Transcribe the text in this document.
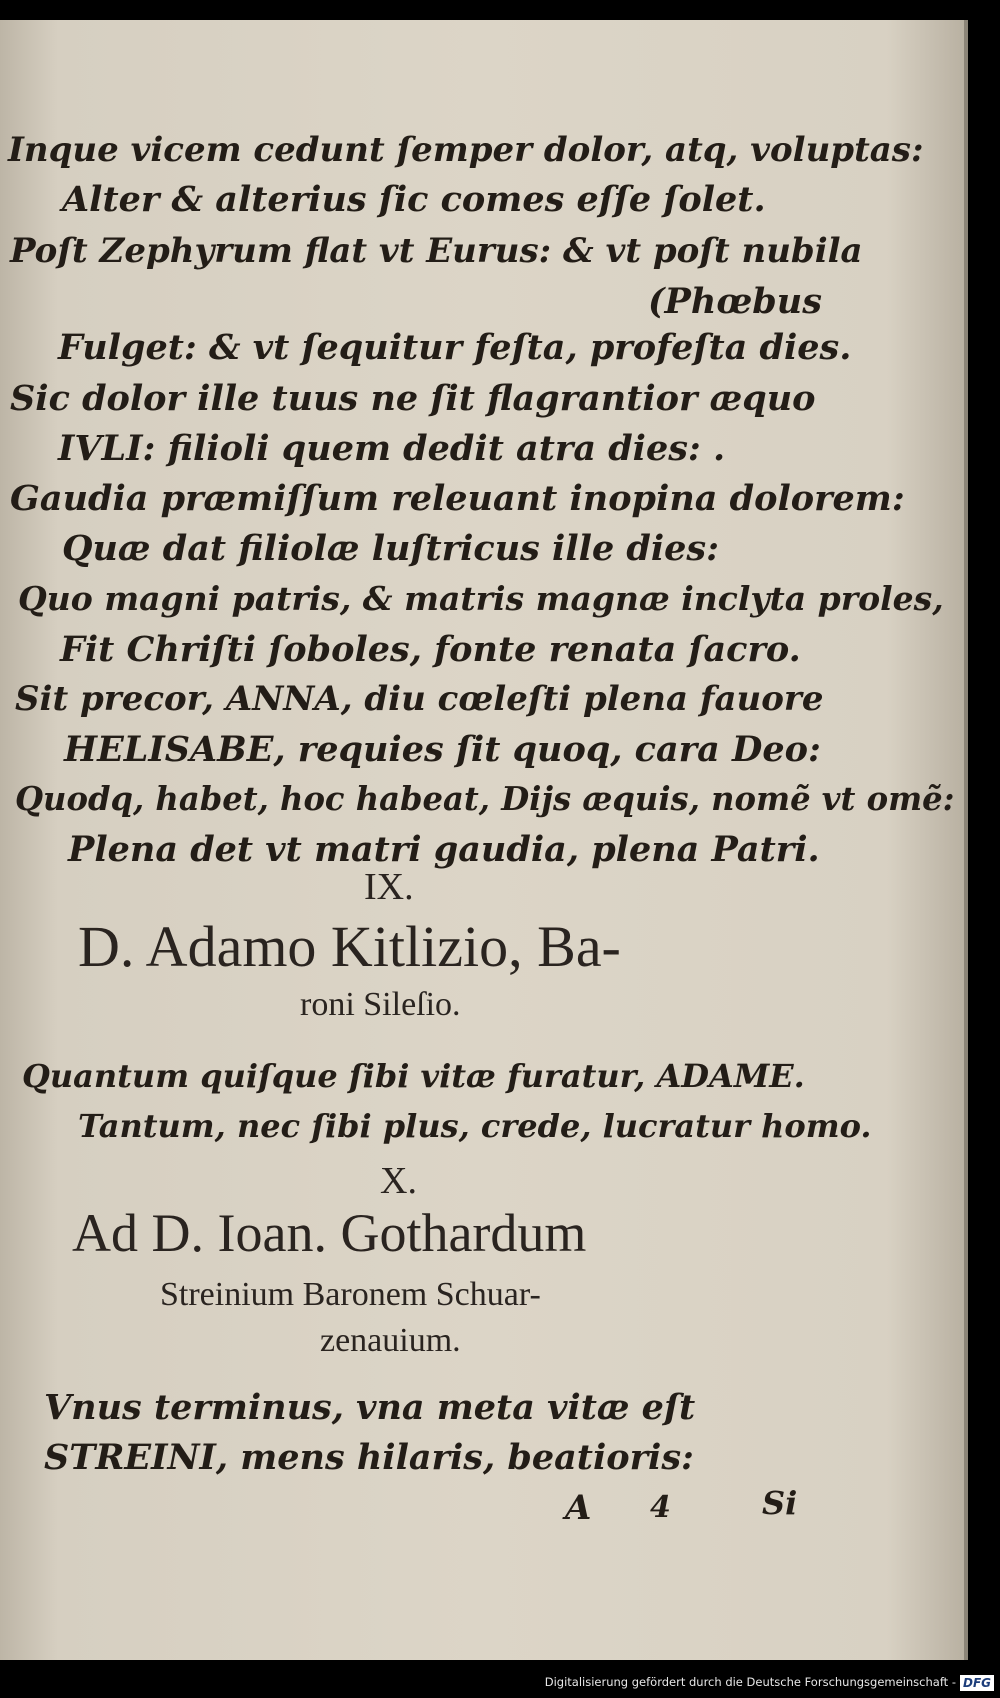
Inque vicem cedunt ſemper dolor, atq, voluptas:
Alter & alterius ſic comes eſſe ſolet.
Poſt Zephyrum flat vt Eurus: & vt poſt nubila
(Phœbus
Fulget: & vt ſequitur feſta, profeſta dies.
Sic dolor ille tuus ne ſit flagrantior æquo
IVLI: filioli quem dedit atra dies: .
Gaudia præmiſſum releuant inopina dolorem:
Quæ dat filiolæ luſtricus ille dies:
Quo magni patris, & matris magnæ inclyta proles,
Fit Chriſti ſoboles, fonte renata ſacro.
Sit precor, ANNA, diu cœleſti plena fauore
HELISABE, requies ſit quoq, cara Deo:
Quodq, habet, hoc habeat, Dijs æquis, nomẽ vt omẽ:
Plena det vt matri gaudia, plena Patri.
IX.
D. Adamo Kitlizio, Ba-
roni Sileſio.
Quantum quiſque ſibi vitæ furatur, ADAME.
Tantum, nec ſibi plus, crede, lucratur homo.
X.
Ad D. Ioan. Gothardum
Streinium Baronem Schuar-
zenauium.
Vnus terminus, vna meta vitæ eſt
STREINI, mens hilaris, beatioris:
A 4	Si
Digitalisierung gefördert durch die Deutsche Forschungsgemeinschaft - DFG
